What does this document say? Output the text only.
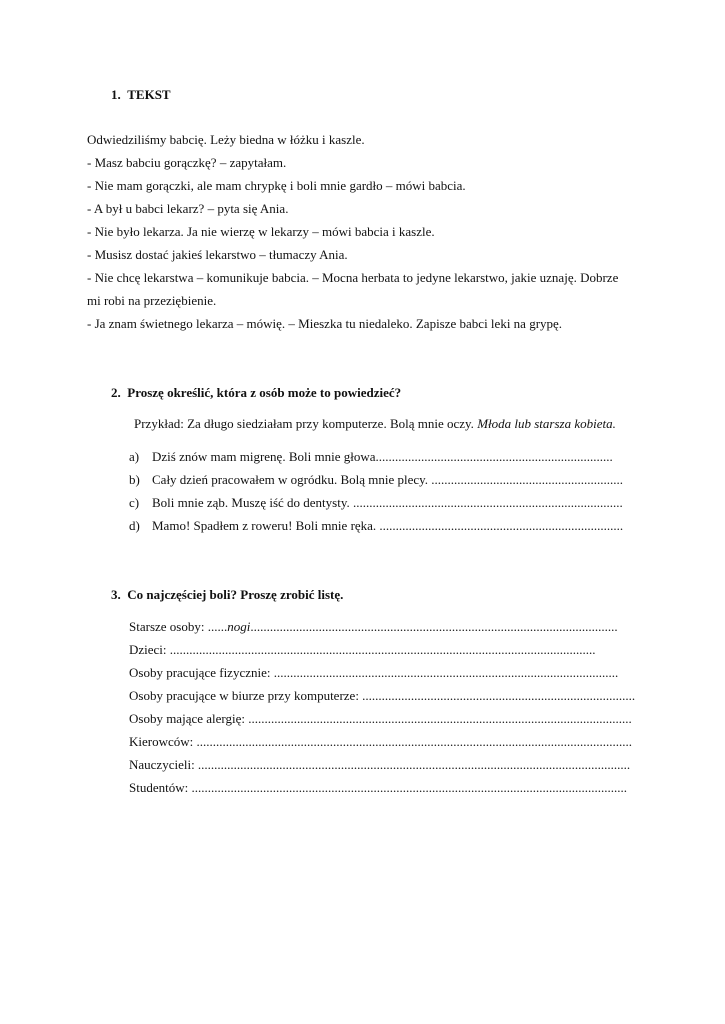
1. TEKST
Odwiedziliśmy babcię. Leży biedna w łóżku i kaszle.
- Masz babciu gorączkę? – zapytałam.
- Nie mam gorączki, ale mam chrypkę i boli mnie gardło – mówi babcia.
- A był u babci lekarz? – pyta się Ania.
- Nie było lekarza. Ja nie wierzę w lekarzy – mówi babcia i kaszle.
- Musisz dostać jakieś lekarstwo – tłumaczy Ania.
- Nie chcę lekarstwa – komunikuje babcia. – Mocna herbata to jedyne lekarstwo, jakie uznaję. Dobrze
mi robi na przeziębienie.
- Ja znam świetnego lekarza – mówię. – Mieszka tu niedaleko. Zapisze babci leki na grypę.
2. Proszę określić, która z osób może to powiedzieć?
Przykład: Za długo siedziałam przy komputerze. Bolą mnie oczy. Młoda lub starsza kobieta.
a) Dziś znów mam migrenę. Boli mnie głowa.........................................................................
b) Cały dzień pracowałem w ogródku. Bolą mnie plecy. ...........................................................
c) Boli mnie ząb. Muszę iść do dentysty. ...................................................................................
d) Mamo! Spadłem z roweru! Boli mnie ręka. ...........................................................................
3. Co najczęściej boli? Proszę zrobić listę.
Starsze osoby: ......nogi.................................................................................................................
Dzieci: ...................................................................................................................................
Osoby pracujące fizycznie: ..........................................................................................................
Osoby pracujące w biurze przy komputerze: ....................................................................................
Osoby mające alergię: ......................................................................................................................
Kierowców: ......................................................................................................................................
Nauczycieli: .....................................................................................................................................
Studentów: ......................................................................................................................................
